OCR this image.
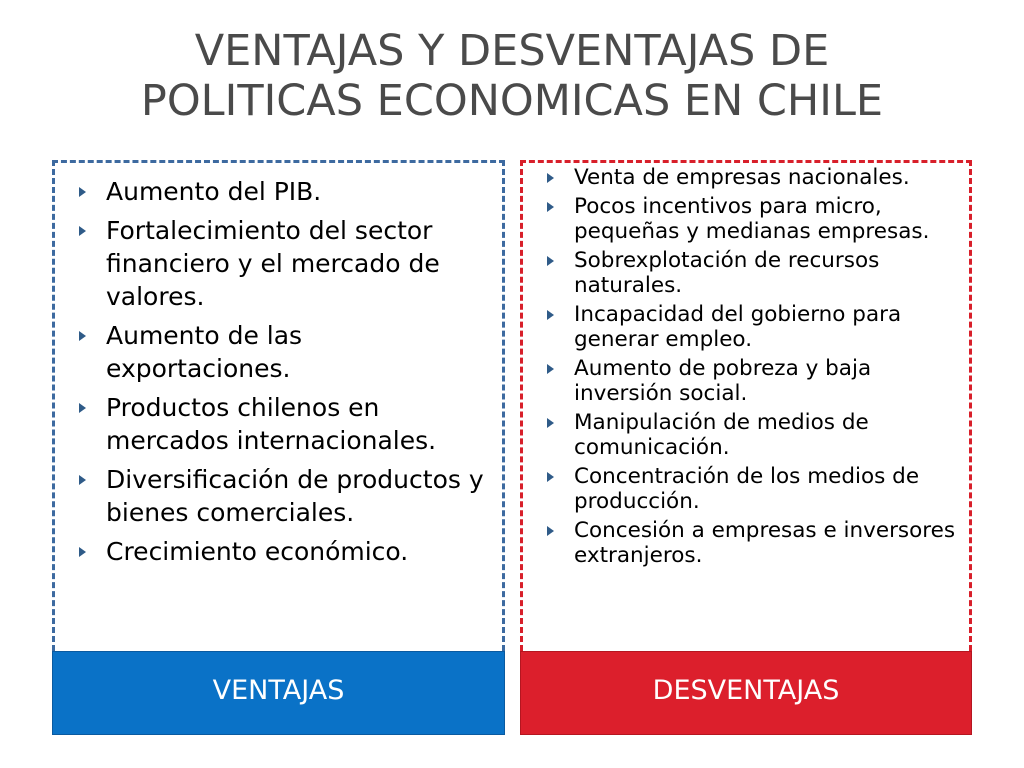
VENTAJAS Y DESVENTAJAS DE
POLITICAS ECONOMICAS EN CHILE
Aumento del PIB.
Fortalecimiento del sector financiero y el mercado de valores.
Aumento de las exportaciones.
Productos chilenos en mercados internacionales.
Diversificación de productos y bienes comerciales.
Crecimiento económico.
Venta de empresas nacionales.
Pocos incentivos para micro, pequeñas y medianas empresas.
Sobrexplotación de recursos naturales.
Incapacidad del gobierno para generar empleo.
Aumento de pobreza y baja inversión social.
Manipulación de medios de comunicación.
Concentración de los medios de producción.
Concesión a empresas e inversores extranjeros.
VENTAJAS	DESVENTAJAS
